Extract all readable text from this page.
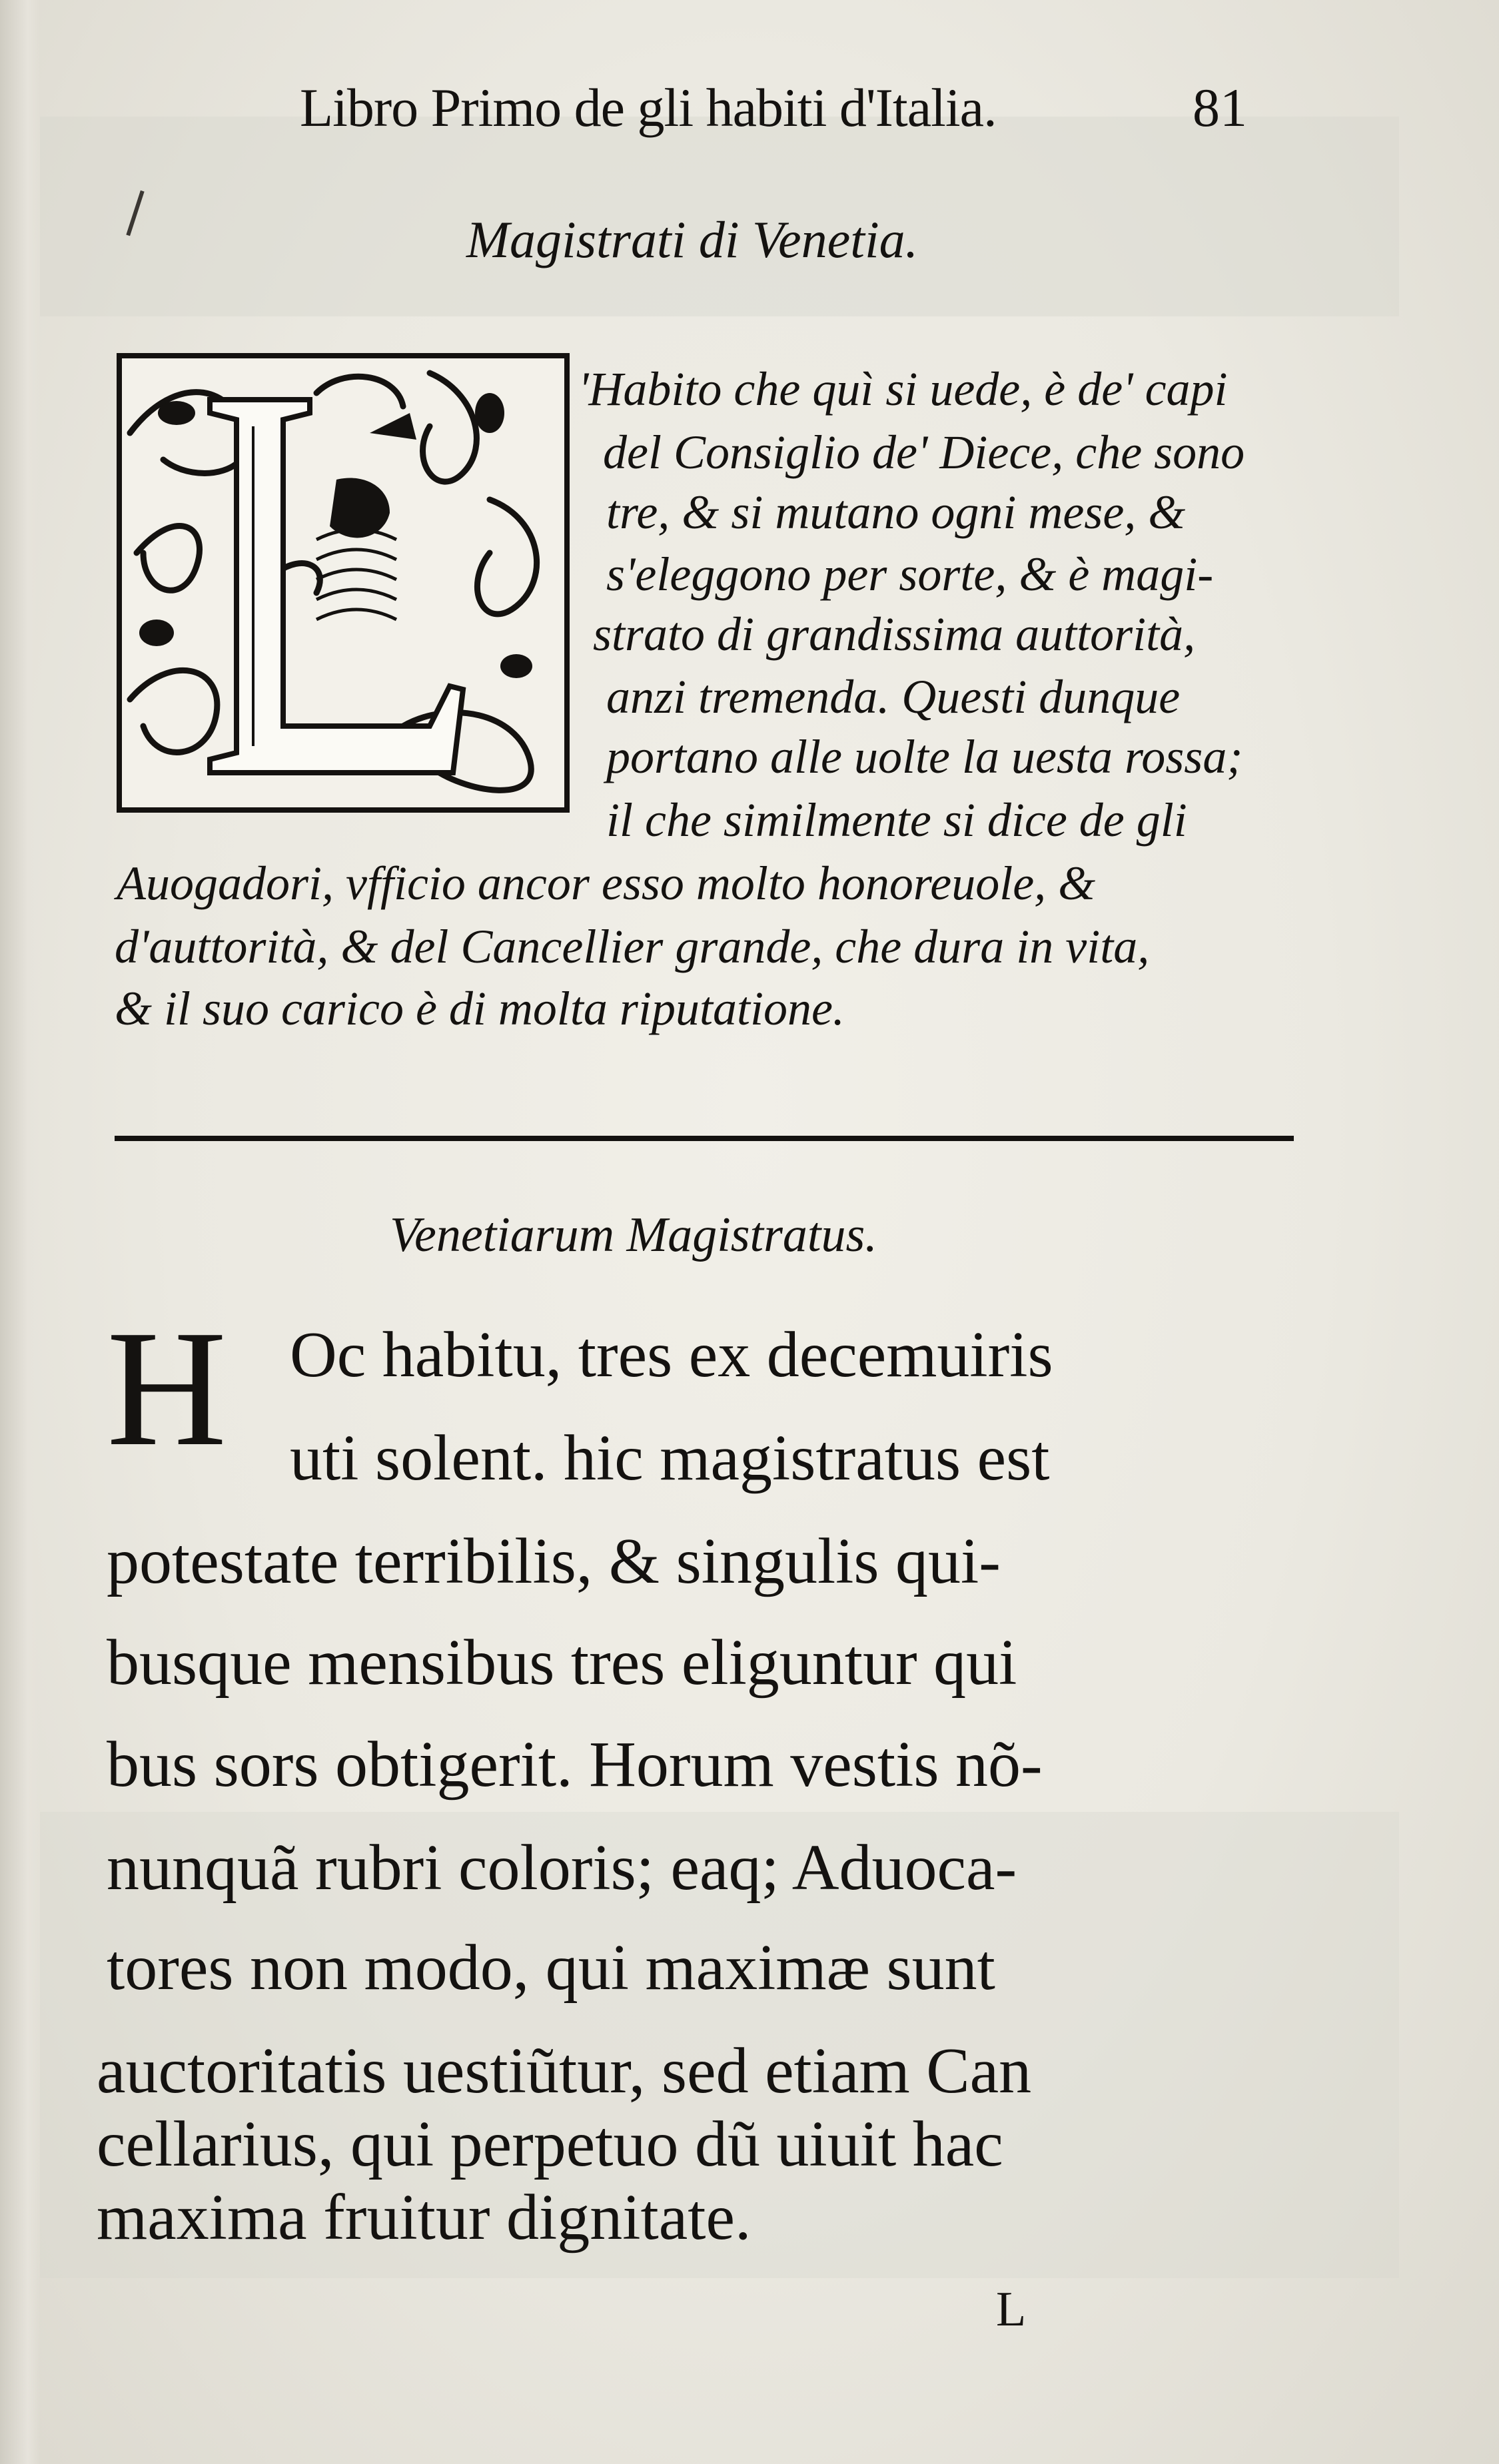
Libro Primo de gli habiti d'Italia.	81
Magistrati di Venetia.
'Habito che quì si uede, è de' capi
del Consiglio de' Diece, che sono
tre, & si mutano ogni mese, &
s'eleggono per sorte, & è magi-
strato di grandissima auttorità,
anzi tremenda. Questi dunque
portano alle uolte la uesta rossa;
il che similmente si dice de gli
Auogadori, vfficio ancor esso molto honoreuole, &
d'auttorità, & del Cancellier grande, che dura in vita,
& il suo carico è di molta riputatione.
Venetiarum Magistratus.
H Oc habitu, tres ex decemuiris
uti solent. hic magistratus est
potestate terribilis, & singulis qui-
busque mensibus tres eliguntur qui
bus sors obtigerit. Horum vestis nõ-
nunquã rubri coloris; eaq; Aduoca-
tores non modo, qui maximæ sunt
auctoritatis uestiũtur, sed etiam Can
cellarius, qui perpetuo dũ uiuit hac
maxima fruitur dignitate.
L
